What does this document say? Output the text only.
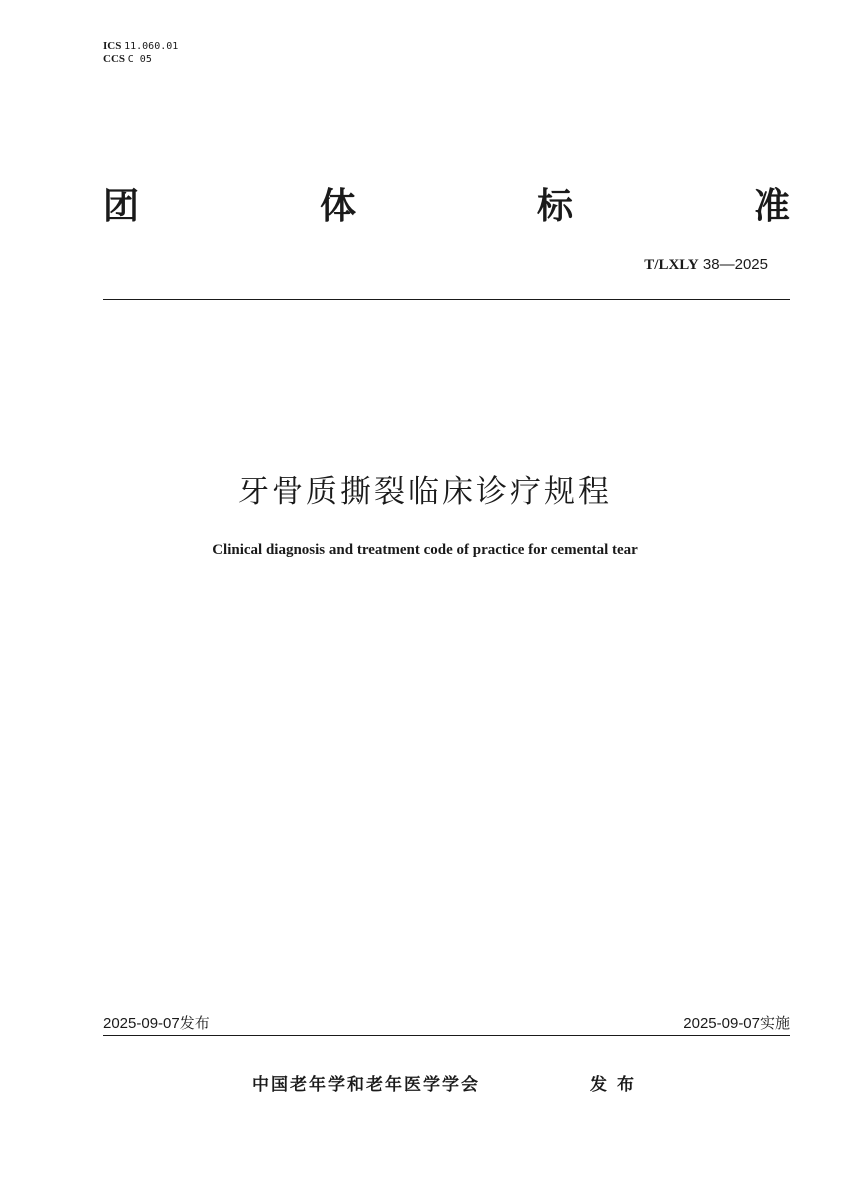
ICS 11.060.01
CCS C 05
团	体	标	准
T/LXLY 38—2025
牙骨质撕裂临床诊疗规程
Clinical diagnosis and treatment code of practice for cemental tear
2025-09-07发布	2025-09-07实施
中国老年学和老年医学学会	发布
